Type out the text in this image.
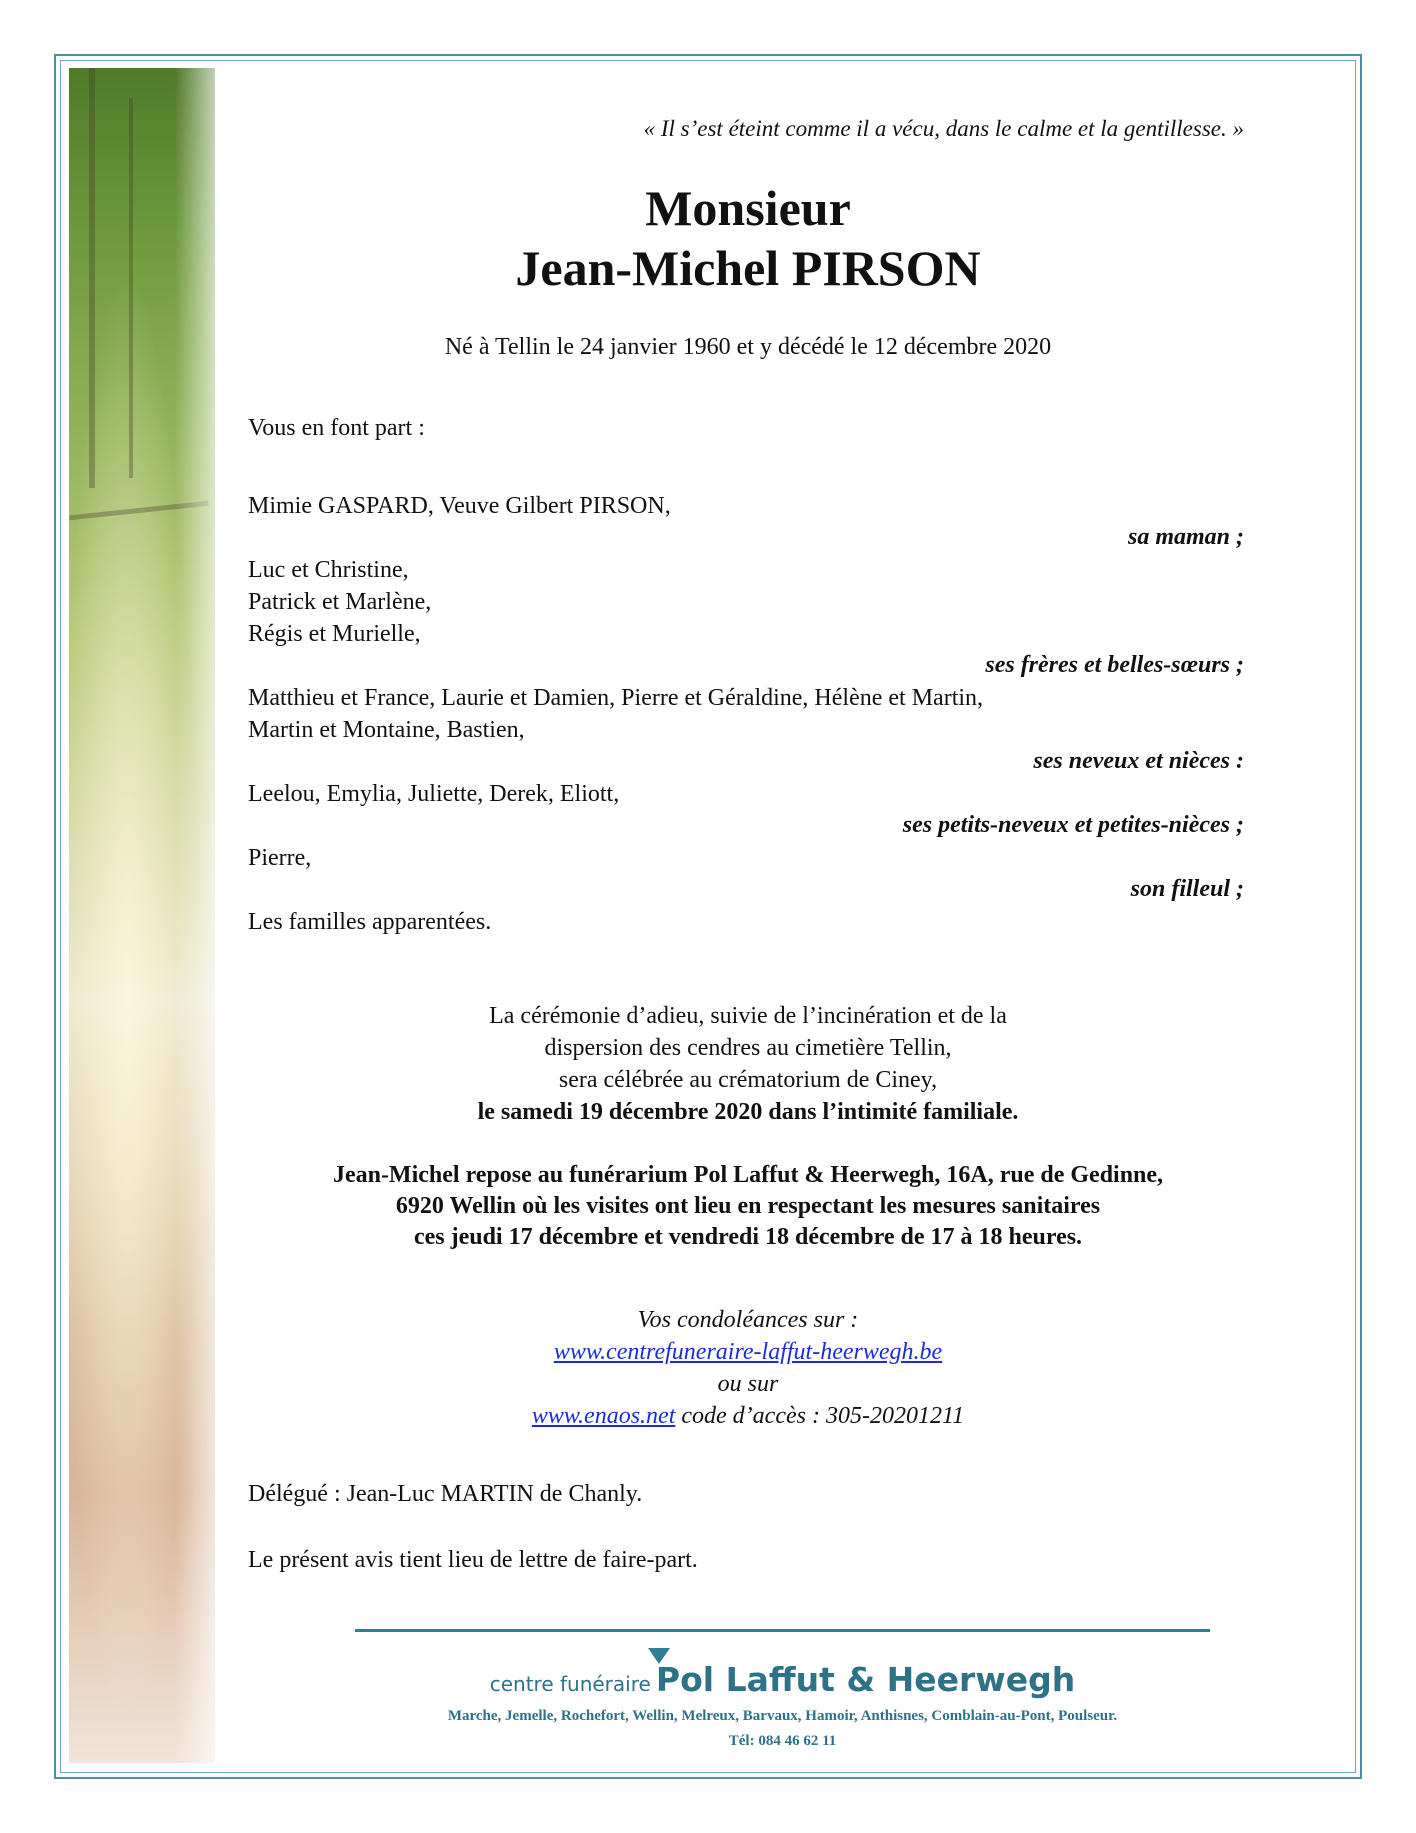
« Il s’est éteint comme il a vécu, dans le calme et la gentillesse. »
Monsieur
Jean-Michel PIRSON
Né à Tellin le 24 janvier 1960 et y décédé le 12 décembre 2020
Vous en font part :
Mimie GASPARD, Veuve Gilbert PIRSON,
sa maman ;
Luc et Christine,
Patrick et Marlène,
Régis et Murielle,
ses frères et belles-sœurs ;
Matthieu et France, Laurie et Damien, Pierre et Géraldine, Hélène et Martin,
Martin et Montaine, Bastien,
ses neveux et nièces :
Leelou, Emylia, Juliette, Derek, Eliott,
ses petits-neveux et petites-nièces ;
Pierre,
son filleul ;
Les familles apparentées.
La cérémonie d’adieu, suivie de l’incinération et de la
dispersion des cendres au cimetière Tellin,
sera célébrée au crématorium de Ciney,
le samedi 19 décembre 2020 dans l’intimité familiale.
Jean-Michel repose au funérarium Pol Laffut & Heerwegh, 16A, rue de Gedinne,
6920 Wellin où les visites ont lieu en respectant les mesures sanitaires
ces jeudi 17 décembre et vendredi 18 décembre de 17 à 18 heures.
Vos condoléances sur :
www.centrefuneraire-laffut-heerwegh.be
ou sur
www.enaos.net code d’accès : 305-20201211
Délégué : Jean-Luc MARTIN de Chanly.
Le présent avis tient lieu de lettre de faire-part.
centre funéraire Pol Laffut & Heerwegh
Marche, Jemelle, Rochefort, Wellin, Melreux, Barvaux, Hamoir, Anthisnes, Comblain-au-Pont, Poulseur.
Tél: 084 46 62 11
